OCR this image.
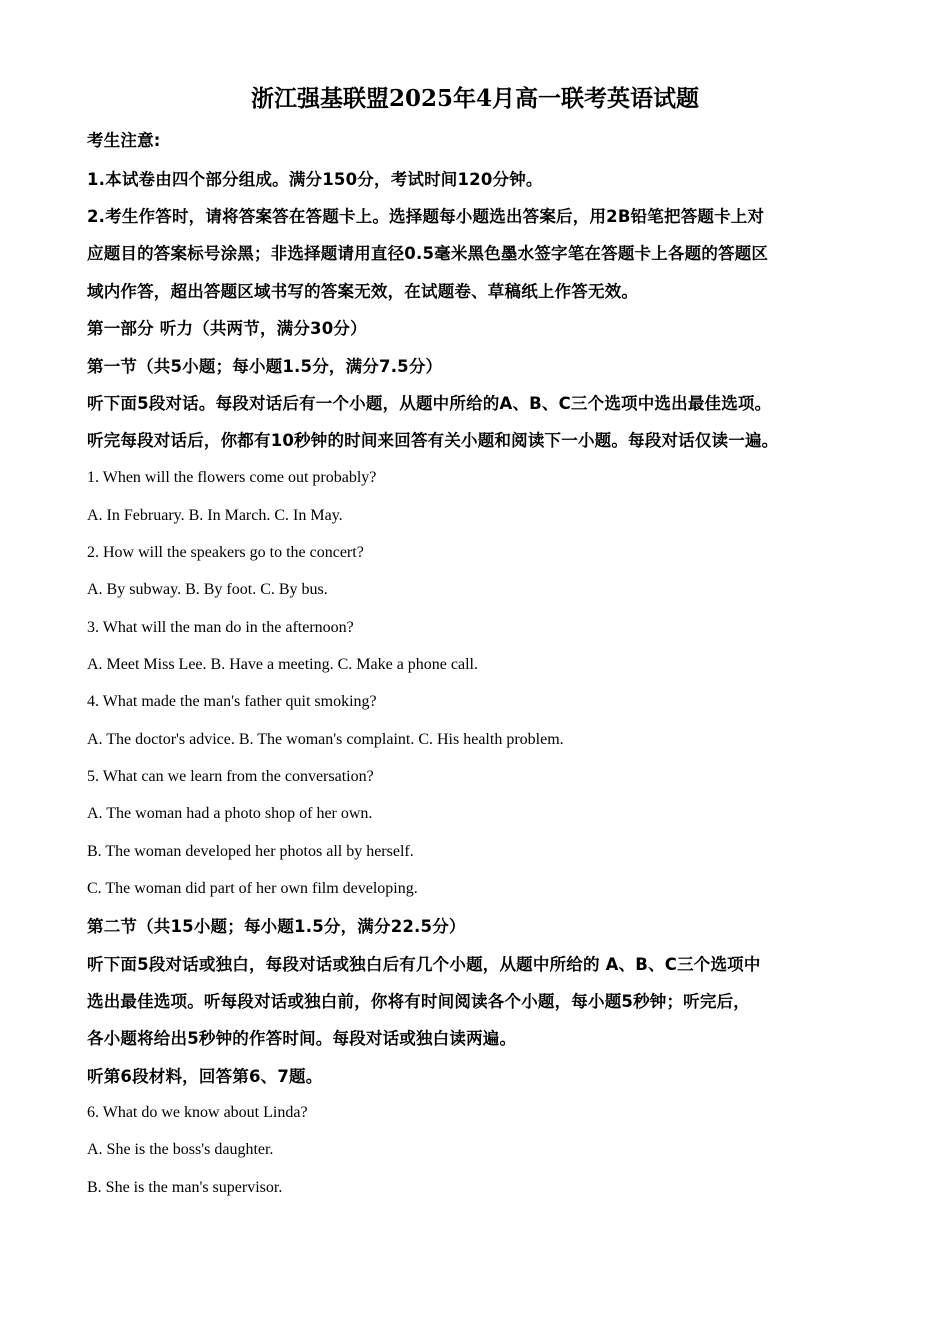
浙江强基联盟2025年4月高一联考英语试题
考生注意:
1.本试卷由四个部分组成。满分150分，考试时间120分钟。
2.考生作答时，请将答案答在答题卡上。选择题每小题选出答案后，用2B铅笔把答题卡上对
应题目的答案标号涂黑；非选择题请用直径0.5毫米黑色墨水签字笔在答题卡上各题的答题区
域内作答，超出答题区域书写的答案无效，在试题卷、草稿纸上作答无效。
第一部分 听力（共两节，满分30分）
第一节（共5小题；每小题1.5分，满分7.5分）
听下面5段对话。每段对话后有一个小题，从题中所给的A、B、C三个选项中选出最佳选项。
听完每段对话后，你都有10秒钟的时间来回答有关小题和阅读下一小题。每段对话仅读一遍。
1. When will the flowers come out probably?
A. In February. B. In March. C. In May.
2. How will the speakers go to the concert?
A. By subway. B. By foot. C. By bus.
3. What will the man do in the afternoon?
A. Meet Miss Lee. B. Have a meeting. C. Make a phone call.
4. What made the man's father quit smoking?
A. The doctor's advice. B. The woman's complaint. C. His health problem.
5. What can we learn from the conversation?
A. The woman had a photo shop of her own.
B. The woman developed her photos all by herself.
C. The woman did part of her own film developing.
第二节（共15小题；每小题1.5分，满分22.5分）
听下面5段对话或独白，每段对话或独白后有几个小题，从题中所给的 A、B、C三个选项中
选出最佳选项。听每段对话或独白前，你将有时间阅读各个小题，每小题5秒钟；听完后，
各小题将给出5秒钟的作答时间。每段对话或独白读两遍。
听第6段材料，回答第6、7题。
6. What do we know about Linda?
A. She is the boss's daughter.
B. She is the man's supervisor.
